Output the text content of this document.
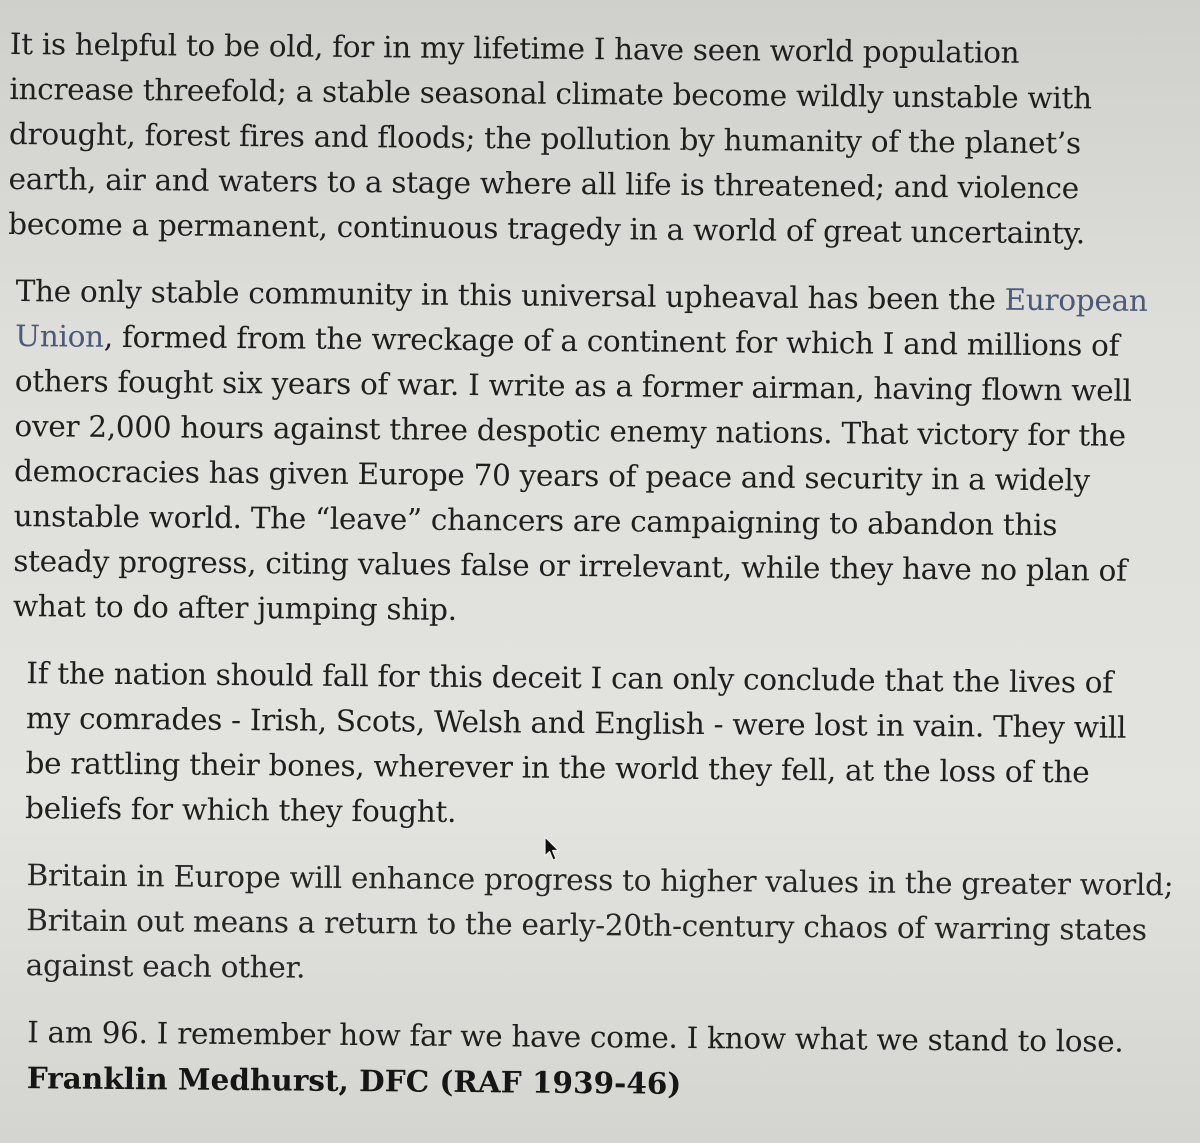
It is helpful to be old, for in my lifetime I have seen world population
increase threefold; a stable seasonal climate become wildly unstable with
drought, forest fires and floods; the pollution by humanity of the planet’s
earth, air and waters to a stage where all life is threatened; and violence
become a permanent, continuous tragedy in a world of great uncertainty.

The only stable community in this universal upheaval has been the European
Union, formed from the wreckage of a continent for which I and millions of
others fought six years of war. I write as a former airman, having flown well
over 2,000 hours against three despotic enemy nations. That victory for the
democracies has given Europe 70 years of peace and security in a widely
unstable world. The “leave” chancers are campaigning to abandon this
steady progress, citing values false or irrelevant, while they have no plan of
what to do after jumping ship.

If the nation should fall for this deceit I can only conclude that the lives of
my comrades - Irish, Scots, Welsh and English - were lost in vain. They will
be rattling their bones, wherever in the world they fell, at the loss of the
beliefs for which they fought.

Britain in Europe will enhance progress to higher values in the greater world;
Britain out means a return to the early-20th-century chaos of warring states
against each other.

I am 96. I remember how far we have come. I know what we stand to lose.
Franklin Medhurst, DFC (RAF 1939-46)
